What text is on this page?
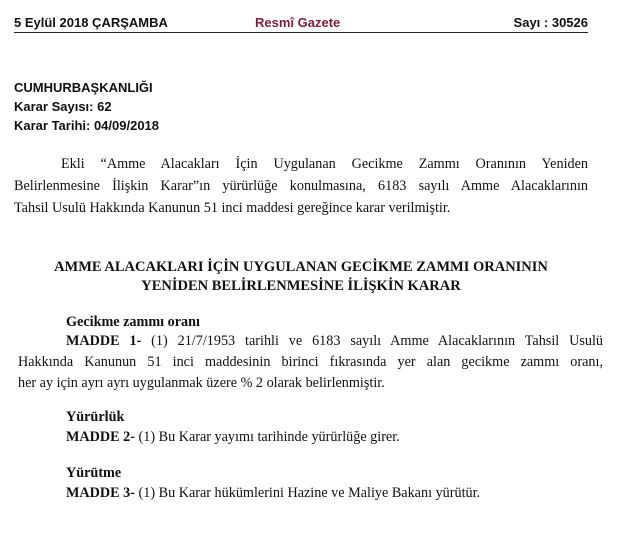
5 Eylül 2018 ÇARŞAMBA	Resmî Gazete	Sayı : 30526
CUMHURBAŞKANLIĞI
Karar Sayısı: 62
Karar Tarihi: 04/09/2018
Ekli “Amme Alacakları İçin Uygulanan Gecikme Zammı Oranının Yeniden
Belirlenmesine İlişkin Karar”ın yürürlüğe konulmasına, 6183 sayılı Amme Alacaklarının
Tahsil Usulü Hakkında Kanunun 51 inci maddesi gereğince karar verilmiştir.
AMME ALACAKLARI İÇİN UYGULANAN GECİKME ZAMMI ORANININ
YENİDEN BELİRLENMESİNE İLİŞKİN KARAR
Gecikme zammı oranı
MADDE 1- (1) 21/7/1953 tarihli ve 6183 sayılı Amme Alacaklarının Tahsil Usulü
Hakkında Kanunun 51 inci maddesinin birinci fıkrasında yer alan gecikme zammı oranı,
her ay için ayrı ayrı uygulanmak üzere % 2 olarak belirlenmiştir.
Yürürlük
MADDE 2- (1) Bu Karar yayımı tarihinde yürürlüğe girer.
Yürütme
MADDE 3- (1) Bu Karar hükümlerini Hazine ve Maliye Bakanı yürütür.
